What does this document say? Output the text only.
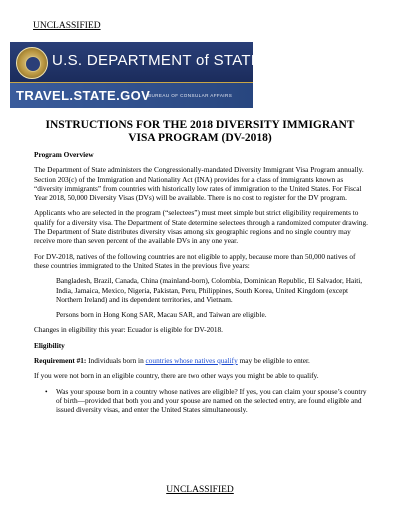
UNCLASSIFIED
U.S. DEPARTMENT of STATE
TRAVEL.STATE.GOV
BUREAU OF CONSULAR AFFAIRS
INSTRUCTIONS FOR THE 2018 DIVERSITY IMMIGRANT
VISA PROGRAM (DV-2018)

Program Overview

The Department of State administers the Congressionally-mandated Diversity Immigrant Visa Program annually. Section 203(c) of the Immigration and Nationality Act (INA) provides for a class of immigrants known as “diversity immigrants” from countries with historically low rates of immigration to the United States. For Fiscal Year 2018, 50,000 Diversity Visas (DVs) will be available. There is no cost to register for the DV program.

Applicants who are selected in the program (“selectees”) must meet simple but strict eligibility requirements to qualify for a diversity visa. The Department of State determine selectees through a randomized computer drawing. The Department of State distributes diversity visas among six geographic regions and no single country may receive more than seven percent of the available DVs in any one year.

For DV-2018, natives of the following countries are not eligible to apply, because more than 50,000 natives of these countries immigrated to the United States in the previous five years:

Bangladesh, Brazil, Canada, China (mainland-born), Colombia, Dominican Republic, El Salvador, Haiti, India, Jamaica, Mexico, Nigeria, Pakistan, Peru, Philippines, South Korea, United Kingdom (except Northern Ireland) and its dependent territories, and Vietnam.

Persons born in Hong Kong SAR, Macau SAR, and Taiwan are eligible.

Changes in eligibility this year: Ecuador is eligible for DV-2018.

Eligibility

Requirement #1: Individuals born in countries whose natives qualify may be eligible to enter.

If you were not born in an eligible country, there are two other ways you might be able to qualify.

• Was your spouse born in a country whose natives are eligible? If yes, you can claim your spouse’s country of birth—provided that both you and your spouse are named on the selected entry, are found eligible and issued diversity visas, and enter the United States simultaneously.

UNCLASSIFIED
